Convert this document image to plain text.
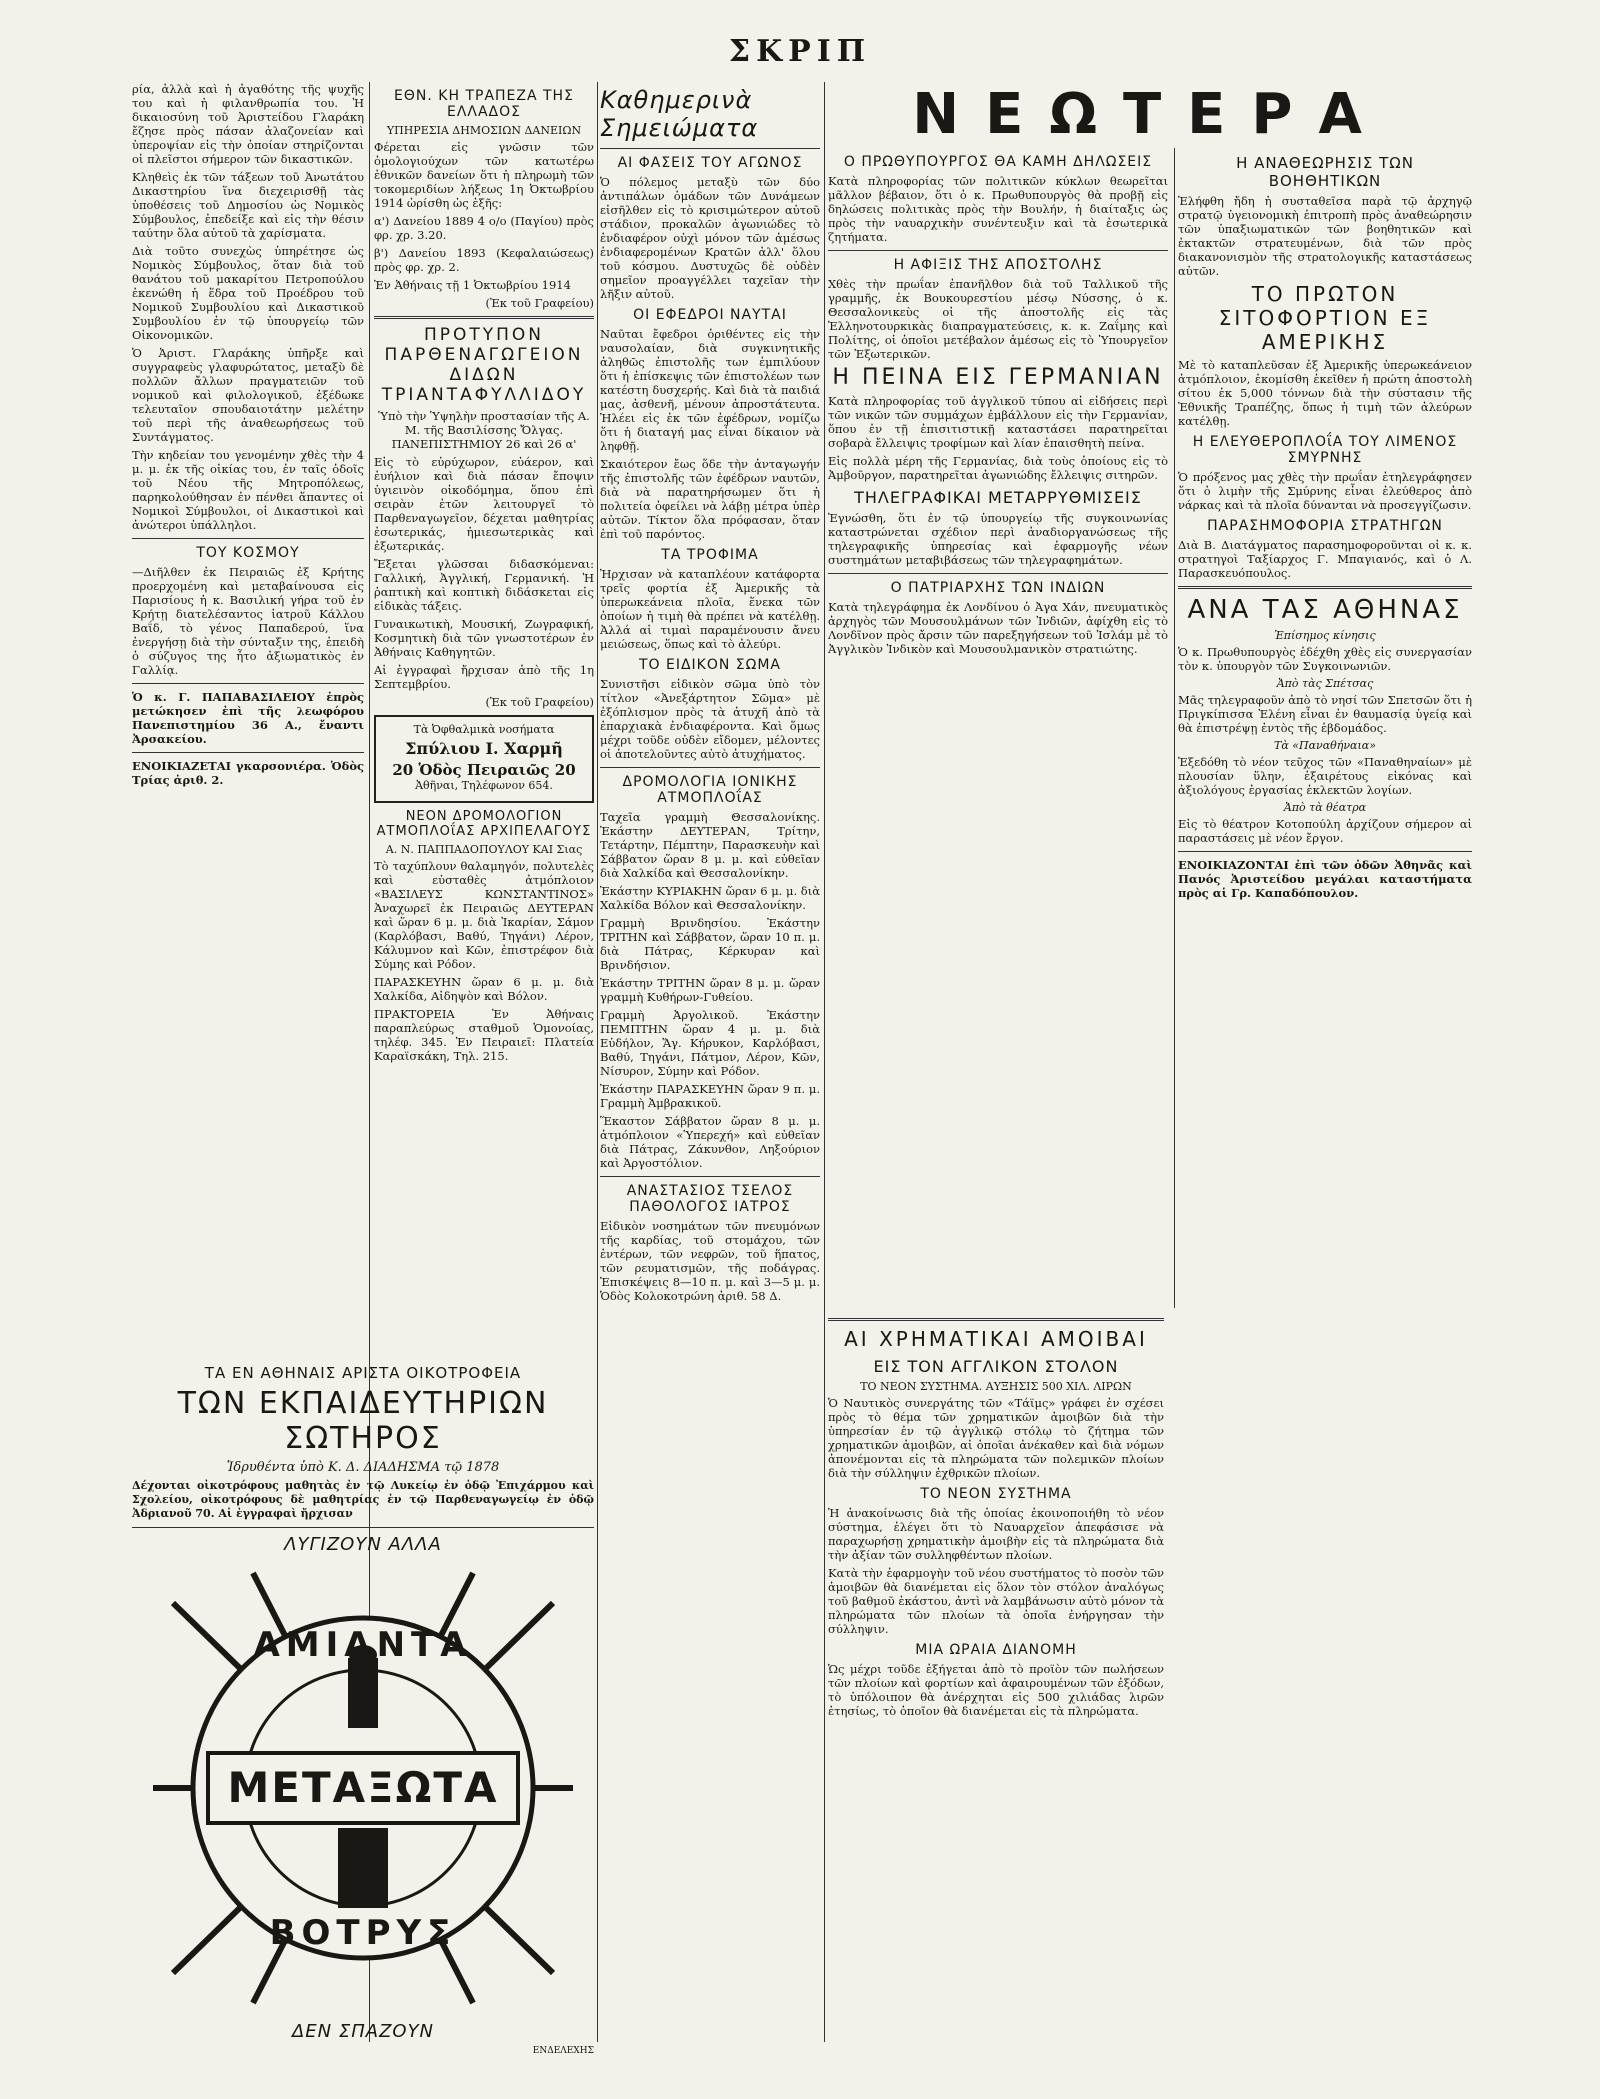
ΣΚΡΙΠ
ρία, ἀλλὰ καὶ ἡ ἀγαθότης τῆς ψυχῆς του καὶ ἡ φιλανθρωπία του. Ἡ δικαιοσύνη τοῦ Ἀριστείδου Γλαράκη ἔζησε πρὸς πάσαν ἀλαζονείαν καὶ ὑπεροψίαν εἰς τὴν ὁποίαν στηρίζονται οἱ πλεῖστοι σήμερον τῶν δικαστικῶν.
Κληθεὶς ἐκ τῶν τάξεων τοῦ Ἀνωτάτου Δικαστηρίου ἵνα διεχειρισθῇ τὰς ὑποθέσεις τοῦ Δημοσίου ὡς Νομικὸς Σύμβουλος, ἐπεδείξε καὶ εἰς τὴν θέσιν ταύτην ὅλα αὐτοῦ τὰ χαρίσματα.
Διὰ τοῦτο συνεχὼς ὑπηρέτησε ὡς Νομικὸς Σύμβουλος, ὅταν διὰ τοῦ θανάτου τοῦ μακαρίτου Πετροπούλου ἐκενώθη ἡ ἕδρα τοῦ Προέδρου τοῦ Νομικοῦ Συμβουλίου καὶ Δικαστικοῦ Συμβουλίου ἐν τῷ ὑπουργείῳ τῶν Οἰκονομικῶν.
Ὁ Ἀριστ. Γλαράκης ὑπῆρξε καὶ συγγραφεὺς γλαφυρώτατος, μεταξὺ δὲ πολλῶν ἄλλων πραγματειῶν τοῦ νομικοῦ καὶ φιλολογικοῦ, ἐξέδωκε τελευταῖον σπουδαιοτάτην μελέτην τοῦ περὶ τῆς ἀναθεωρήσεως τοῦ Συντάγματος.
Τὴν κηδείαν του γενομένην χθὲς τὴν 4 μ. μ. ἐκ τῆς οἰκίας του, ἐν ταῖς ὁδοῖς τοῦ Νέου τῆς Μητροπόλεως, παρηκολούθησαν ἐν πένθει ἅπαντες οἱ Νομικοὶ Σύμβουλοι, οἱ Δικαστικοὶ καὶ ἀνώτεροι ὑπάλληλοι.
ΤΟΥ ΚΟΣΜΟΥ
—Διῆλθεν ἐκ Πειραιῶς ἐξ Κρήτης προερχομένη καὶ μεταβαίνουσα εἰς Παρισίους ἡ κ. Βασιλική γήρα τοῦ ἐν Κρήτῃ διατελέσαντος ἰατροῦ Κάλλου Βαΐδ, τὸ γένος Παπαδερού, ἵνα ἐνεργήσῃ διὰ τὴν σύνταξιν της, ἐπειδὴ ὁ σύζυγος της ἦτο ἀξιωματικὸς ἐν Γαλλίᾳ.
Ὁ κ. Γ. ΠΑΠΑΒΑΣΙΛΕΙΟΥ ἐπρὸς μετώκησεν ἐπὶ τῆς λεωφόρου Πανεπιστημίου 36 Α., ἔναντι Ἀρσακείου.
ΕΝΟΙΚΙΑΖΕΤΑΙ γκαρσονιέρα. Ὁδὸς Τρίας ἀριθ. 2.
ΕΘΝ. ΚΗ ΤΡΑΠΕΖΑ ΤΗΣ ΕΛΛΑΔΟΣ
ΥΠΗΡΕΣΙΑ ΔΗΜΟΣΙΩΝ ΔΑΝΕΙΩΝ
Φέρεται εἰς γνῶσιν τῶν ὁμολογιούχων τῶν κατωτέρω ἐθνικῶν δανείων ὅτι ἡ πληρωμὴ τῶν τοκομεριδίων λήξεως 1η Ὀκτωβρίου 1914 ὡρίσθη ὡς ἑξῆς:
α') Δανείου 1889 4 ο/ο (Παγίου) πρὸς φρ. χρ. 3.20.
β') Δανείου 1893 (Κεφαλαιώσεως) πρὸς φρ. χρ. 2.
Ἐν Ἀθήναις τῇ 1 Ὀκτωβρίου 1914
(Ἐκ τοῦ Γραφείου)
ΠΡΟΤΥΠΟΝ ΠΑΡΘΕΝΑΓΩΓΕΙΟΝ ΔΙΔΩΝ ΤΡΙΑΝΤΑΦΥΛΛΙΔΟΥ
Ὑπὸ τὴν Ὑψηλὴν προστασίαν τῆς Α. Μ. τῆς Βασιλίσσης Ὄλγας. ΠΑΝΕΠΙΣΤΗΜΙΟΥ 26 καὶ 26 α'
Εἰς τὸ εὐρύχωρον, εὐάερον, καὶ ἐυήλιον καὶ διὰ πάσαν ἔποψιν ὑγιεινὸν οἰκοδόμημα, ὅπου ἐπὶ σειρὰν ἐτῶν λειτουργεῖ τὸ Παρθεναγωγεῖον, δέχεται μαθητρίας ἐσωτερικάς, ἡμιεσωτερικὰς καὶ ἐξωτερικάς.
Ἔξεται γλῶσσαι διδασκόμεναι: Γαλλική, Ἀγγλική, Γερμανική. Ἡ ῥαπτικὴ καὶ κοπτικὴ διδάσκεται εἰς εἰδικὰς τάξεις.
Γυναικωτικὴ, Μουσική, Ζωγραφική, Κοσμητικὴ διὰ τῶν γνωστοτέρων ἐν Ἀθήναις Καθηγητῶν.
Αἱ ἐγγραφαὶ ἤρχισαν ἀπὸ τῆς 1η Σεπτεμβρίου.
(Ἐκ τοῦ Γραφείου)
Τὰ Ὀφθαλμικὰ νοσήματα
Σπύλιου Ι. Χαρμῆ
20 Ὁδὸς Πειραιῶς 20
Ἀθῆναι, Τηλέφωνον 654.
ΝΕΟΝ ΔΡΟΜΟΛΟΓΙΟΝ ΑΤΜΟΠΛΟΐΑΣ ΑΡΧΙΠΕΛΑΓΟΥΣ
Α. Ν. ΠΑΠΠΑΔΟΠΟΥΛΟΥ ΚΑΙ Σιας
Τὸ ταχύπλουν θαλαμηγόν, πολυτελὲς καὶ εὐσταθὲς ἀτμόπλοιον «ΒΑΣΙΛΕΥΣ ΚΩΝΣΤΑΝΤΙΝΟΣ» Ἀναχωρεῖ ἐκ Πειραιῶς ΔΕΥΤΕΡΑΝ καὶ ὥραν 6 μ. μ. διὰ Ἰκαρίαν, Σάμον (Καρλόβασι, Βαθύ, Τηγάνι) Λέρον, Κάλυμνον καὶ Κῶν, ἐπιστρέφον διὰ Σύμης καὶ Ρόδον.
ΠΑΡΑΣΚΕΥΗΝ ὥραν 6 μ. μ. διὰ Χαλκίδα, Αἰδηψὸν καὶ Βόλον.
ΠΡΑΚΤΟΡΕΙΑ Ἐν Ἀθήναις παραπλεύρως σταθμοῦ Ὁμονοίας, τηλέφ. 345. Ἐν Πειραιεῖ: Πλατεία Καραϊσκάκη, Τηλ. 215.
Καθημερινὰ Σημειώματα
ΑΙ ΦΑΣΕΙΣ ΤΟΥ ΑΓΩΝΟΣ
Ὁ πόλεμος μεταξὺ τῶν δύο ἀντιπάλων ὁμάδων τῶν Δυνάμεων εἰσῆλθεν εἰς τὸ κρισιμώτερον αὐτοῦ στάδιον, προκαλῶν ἀγωνιώδες τὸ ἐνδιαφέρον οὐχὶ μόνον τῶν ἀμέσως ἐνδιαφερομένων Κρατῶν ἀλλ' ὅλου τοῦ κόσμου. Δυστυχῶς δὲ οὐδὲν σημεῖον προαγγέλλει ταχεῖαν τὴν λῆξιν αὐτοῦ.
ΟΙ ΕΦΕΔΡΟΙ ΝΑΥΤΑΙ
Ναῦται ἔφεδροι ὁριθέντες εἰς τὴν ναυσολαίαν, διὰ συγκινητικῆς ἀληθῶς ἐπιστολῆς των ἐμπιλύουν ὅτι ἡ ἐπίσκεψις τῶν ἐπιστολέων των κατέστη δυσχερής. Καὶ διὰ τὰ παιδιά μας, ἀσθενῆ, μένουν ἀπροστάτευτα. Ἠλέει εἰς ἐκ τῶν ἐφέδρων, νομίζω ὅτι ἡ διαταγή μας εἶναι δίκαιον νὰ ληφθῇ.
Σκαιότερον ἔως ὅδε τὴν ἀνταγωγήν τῆς ἐπιστολῆς τῶν ἐφέδρων ναυτῶν, διὰ νὰ παρατηρήσωμεν ὅτι ἡ πολιτεία ὀφείλει νὰ λάβῃ μέτρα ὑπὲρ αὐτῶν. Τίκτον ὅλα πρόφασαν, ὅταν ἐπὶ τοῦ παρόντος.
ΤΑ ΤΡΟΦΙΜΑ
Ἠρχισαν νὰ καταπλέουν κατάφορτα τρεῖς φορτία ἐξ Ἀμερικῆς τὰ ὑπερωκεάνεια πλοῖα, ἕνεκα τῶν ὁποίων ἡ τιμὴ θὰ πρέπει νὰ κατέλθῃ. Ἀλλά αἱ τιμαὶ παραμένουσιν ἄνευ μειώσεως, ὅπως καὶ τὸ ἀλεύρι.
ΤΟ ΕΙΔΙΚΟΝ ΣΩΜΑ
Συνιστῆσι εἰδικὸν σῶμα ὑπὸ τὸν τίτλον «Ἀνεξάρτητον Σῶμα» μὲ ἐξόπλισμον πρὸς τὰ ἀτυχῆ ἀπὸ τὰ ἐπαρχιακὰ ἐνδιαφέροντα. Καὶ ὅμως μέχρι τοῦδε οὐδὲν εἴδομεν, μέλοντες οἱ ἀποτελοῦντες αὐτὸ ἀτυχήματος.
ΔΡΟΜΟΛΟΓΙΑ ΙΟΝΙΚΗΣ ΑΤΜΟΠΛΟΐΑΣ
Ταχεῖα γραμμὴ Θεσσαλονίκης. Ἐκάστην ΔΕΥΤΕΡΑΝ, Τρίτην, Τετάρτην, Πέμπτην, Παρασκευὴν καὶ Σάββατον ὥραν 8 μ. μ. καὶ εὐθεῖαν διὰ Χαλκίδα καὶ Θεσσαλονίκην.
Ἐκάστην ΚΥΡΙΑΚΗΝ ὥραν 6 μ. μ. διὰ Χαλκίδα Βόλον καὶ Θεσσαλονίκην.
Γραμμὴ Βρινδησίου. Ἐκάστην ΤΡΙΤΗΝ καὶ Σάββατον, ὥραν 10 π. μ. διὰ Πάτρας, Κέρκυραν καὶ Βρινδήσιον.
Ἐκάστην ΤΡΙΤΗΝ ὥραν 8 μ. μ. ὥραν γραμμὴ Κυθήρων-Γυθείου.
Γραμμὴ Ἀργολικοῦ. Ἐκάστην ΠΕΜΠΤΗΝ ὥραν 4 μ. μ. διὰ Εὐδήλον, Ἅγ. Κήρυκον, Καρλόβασι, Βαθύ, Τηγάνι, Πάτμον, Λέρον, Κῶν, Νίσυρον, Σύμην καὶ Ρόδον.
Ἐκάστην ΠΑΡΑΣΚΕΥΗΝ ὥραν 9 π. μ. Γραμμὴ Ἀμβρακικοῦ.
Ἕκαστον Σάββατον ὥραν 8 μ. μ. ἀτμόπλοιον «Ὑπερεχή» καὶ εὐθεῖαν διὰ Πάτρας, Ζάκυνθον, Ληξούριον καὶ Ἀργοστόλιον.
ΑΝΑΣΤΑΣΙΟΣ ΤΣΕΛΟΣ ΠΑΘΟΛΟΓΟΣ ΙΑΤΡΟΣ
Εἰδικὸν νοσημάτων τῶν πνευμόνων τῆς καρδίας, τοῦ στομάχου, τῶν ἐντέρων, τῶν νεφρῶν, τοῦ ἥπατος, τῶν ρευματισμῶν, τῆς ποδάγρας. Ἐπισκέψεις 8—10 π. μ. καὶ 3—5 μ. μ. Ὁδὸς Κολοκοτρώνη ἀριθ. 58 Δ.
ΝΕΩΤΕΡΑ
Ο ΠΡΩΘΥΠΟΥΡΓΟΣ ΘΑ ΚΑΜΗ ΔΗΛΩΣΕΙΣ
Κατὰ πληροφορίας τῶν πολιτικῶν κύκλων θεωρεῖται μᾶλλον βέβαιον, ὅτι ὁ κ. Πρωθυπουργὸς θὰ προβῇ εἰς δηλώσεις πολιτικὰς πρὸς τὴν Βουλήν, ἡ διαίταξις ὡς πρὸς τὴν ναυαρχικὴν συνέντευξιν καὶ τὰ ἐσωτερικὰ ζητήματα.
Η ΑΦΙΞΙΣ ΤΗΣ ΑΠΟΣΤΟΛΗΣ
Χθὲς τὴν πρωΐαν ἐπανῆλθον διὰ τοῦ Ταλλικοῦ τῆς γραμμῆς, ἐκ Βουκουρεστίου μέσῳ Νύσσης, ὁ κ. Θεσσαλονικεὺς οἱ τῆς ἀποστολῆς εἰς τὰς Ἑλληνοτουρκικὰς διαπραγματεύσεις, κ. κ. Ζαΐμης καὶ Πολίτης, οἱ ὁποῖοι μετέβαλον ἀμέσως εἰς τὸ Ὑπουργεῖον τῶν Ἐξωτερικῶν.
Η ΠΕΙΝΑ ΕΙΣ ΓΕΡΜΑΝΙΑΝ
Κατὰ πληροφορίας τοῦ ἀγγλικοῦ τύπου αἱ εἰδήσεις περὶ τῶν νικῶν τῶν συμμάχων ἐμβάλλουν εἰς τὴν Γερμανίαν, ὅπου ἐν τῇ ἐπισιτιστικῇ καταστάσει παρατηρεῖται σοβαρὰ ἔλλειψις τροφίμων καὶ λίαν ἐπαισθητὴ πείνα.
Εἰς πολλὰ μέρη τῆς Γερμανίας, διὰ τοὺς ὁποίους εἰς τὸ Ἀμβοῦργον, παρατηρεῖται ἀγωνιώδης ἔλλειψις σιτηρῶν.
ΤΗΛΕΓΡΑΦΙΚΑΙ ΜΕΤΑΡΡΥΘΜΙΣΕΙΣ
Ἐγνώσθη, ὅτι ἐν τῷ ὑπουργείῳ τῆς συγκοινωνίας καταστρώνεται σχέδιον περὶ ἀναδιοργανώσεως τῆς τηλεγραφικῆς ὑπηρεσίας καὶ ἐφαρμογῆς νέων συστημάτων μεταβιβάσεως τῶν τηλεγραφημάτων.
Ο ΠΑΤΡΙΑΡΧΗΣ ΤΩΝ ΙΝΔΙΩΝ
Κατὰ τηλεγράφημα ἐκ Λονδίνου ὁ Ἀγα Χάν, πνευματικὸς ἀρχηγὸς τῶν Μουσουλμάνων τῶν Ἰνδιῶν, ἀφίχθη εἰς τὸ Λονδῖνον πρὸς ἄρσιν τῶν παρεξηγήσεων τοῦ Ἰσλάμ μὲ τὸ Ἀγγλικὸν Ἰνδικὸν καὶ Μουσουλμανικὸν στρατιώτης.
Η ΑΝΑΘΕΩΡΗΣΙΣ ΤΩΝ ΒΟΗΘΗΤΙΚΩΝ
Ἐλήφθη ἤδη ἡ συσταθεῖσα παρὰ τῷ ἀρχηγῷ στρατῷ ὑγειονομικὴ ἐπιτροπὴ πρὸς ἀναθεώρησιν τῶν ὑπαξιωματικῶν τῶν βοηθητικῶν καὶ ἐκτακτῶν στρατευμένων, διὰ τῶν πρὸς διακανονισμὸν τῆς στρατολογικῆς καταστάσεως αὐτῶν.
ΤΟ ΠΡΩΤΟΝ ΣΙΤΟΦΟΡΤΙΟΝ ΕΞ ΑΜΕΡΙΚΗΣ
Μὲ τὸ καταπλεῦσαν ἐξ Ἀμερικῆς ὑπερωκεάνειον ἀτμόπλοιον, ἐκομίσθη ἐκεῖθεν ἡ πρώτη ἀποστολὴ σίτου ἐκ 5,000 τόννων διὰ τὴν σύστασιν τῆς Ἐθνικῆς Τραπέζης, ὅπως ἡ τιμὴ τῶν ἀλεύρων κατέλθῃ.
Η ΕΛΕΥΘΕΡΟΠΛΟΐΑ ΤΟΥ ΛΙΜΕΝΟΣ ΣΜΥΡΝΗΣ
Ὁ πρόξενος μας χθὲς τὴν πρωΐαν ἐτηλεγράφησεν ὅτι ὁ λιμὴν τῆς Σμύρνης εἶναι ἐλεύθερος ἀπὸ νάρκας καὶ τὰ πλοῖα δύνανται νὰ προσεγγίζωσιν.
ΠΑΡΑΣΗΜΟΦΟΡΙΑ ΣΤΡΑΤΗΓΩΝ
Διὰ Β. Διατάγματος παρασημοφοροῦνται οἱ κ. κ. στρατηγοὶ Ταξίαρχος Γ. Μπαγιανός, καὶ ὁ Λ. Παρασκευόπουλος.
ΑΝΑ ΤΑΣ ΑΘΗΝΑΣ
Ἐπίσημος κίνησις
Ὁ κ. Πρωθυπουργὸς ἐδέχθη χθὲς εἰς συνεργασίαν τὸν κ. ὑπουργὸν τῶν Συγκοινωνιῶν.
Ἀπὸ τὰς Σπέτσας
Μᾶς τηλεγραφοῦν ἀπὸ τὸ νησί τῶν Σπετσῶν ὅτι ἡ Πριγκίπισσα Ἑλένη εἶναι ἐν θαυμασίᾳ ὑγείᾳ καὶ θὰ ἐπιστρέψῃ ἐντὸς τῆς ἑβδομάδος.
Τὰ «Παναθήναια»
Ἐξεδόθη τὸ νέον τεῦχος τῶν «Παναθηναίων» μὲ πλουσίαν ὕλην, ἐξαιρέτους εἰκόνας καὶ ἀξιολόγους ἐργασίας ἐκλεκτῶν λογίων.
Ἀπὸ τὰ θέατρα
Εἰς τὸ θέατρον Κοτοπούλη ἀρχίζουν σήμερον αἱ παραστάσεις μὲ νέον ἔργον.
ΕΝΟΙΚΙΑΖΟΝΤΑΙ ἐπὶ τῶν ὁδῶν Ἀθηνᾶς καὶ Πανός Ἀριστείδου μεγάλαι καταστήματα πρὸς αἱ Γρ. Καπαδόπουλον.
ΑΙ ΧΡΗΜΑΤΙΚΑΙ ΑΜΟΙΒΑΙ
ΕΙΣ ΤΟΝ ΑΓΓΛΙΚΟΝ ΣΤΟΛΟΝ
ΤΟ ΝΕΟΝ ΣΥΣΤΗΜΑ. ΑΥΞΗΣΙΣ 500 ΧΙΛ. ΛΙΡΩΝ
Ὁ Ναυτικὸς συνεργάτης τῶν «Τάϊμς» γράφει ἐν σχέσει πρὸς τὸ θέμα τῶν χρηματικῶν ἀμοιβῶν διὰ τὴν ὑπηρεσίαν ἐν τῷ ἀγγλικῷ στόλῳ τὸ ζήτημα τῶν χρηματικῶν ἀμοιβῶν, αἱ ὁποῖαι ἀνέκαθεν καὶ διὰ νόμων ἀπονέμονται εἰς τὰ πληρώματα τῶν πολεμικῶν πλοίων διὰ τὴν σύλληψιν ἐχθρικῶν πλοίων.
ΤΟ ΝΕΟΝ ΣΥΣΤΗΜΑ
Ἡ ἀνακοίνωσις διὰ τῆς ὁποίας ἐκοινοποιήθη τὸ νέον σύστημα, ἐλέγει ὅτι τὸ Ναυαρχεῖον ἀπεφάσισε νὰ παραχωρήσῃ χρηματικὴν ἀμοιβὴν εἰς τὰ πληρώματα διὰ τὴν ἀξίαν τῶν συλληφθέντων πλοίων.
Κατὰ τὴν ἐφαρμογὴν τοῦ νέου συστήματος τὸ ποσὸν τῶν ἀμοιβῶν θὰ διανέμεται εἰς ὅλον τὸν στόλον ἀναλόγως τοῦ βαθμοῦ ἑκάστου, ἀντὶ νὰ λαμβάνωσιν αὐτὸ μόνον τὰ πληρώματα τῶν πλοίων τὰ ὁποῖα ἐνήργησαν τὴν σύλληψιν.
ΜΙΑ ΩΡΑΙΑ ΔΙΑΝΟΜΗ
Ὡς μέχρι τοῦδε ἐξήγεται ἀπὸ τὸ προϊὸν τῶν πωλήσεων τῶν πλοίων καὶ φορτίων καὶ ἀφαιρουμένων τῶν ἐξόδων, τὸ ὑπόλοιπον θὰ ἀνέρχηται εἰς 500 χιλιάδας λιρῶν ἐτησίως, τὸ ὁποῖον θὰ διανέμεται εἰς τὰ πληρώματα.
ΤΑ ΕΝ ΑΘΗΝΑΙΣ ΑΡΙΣΤΑ ΟΙΚΟΤΡΟΦΕΙΑ
ΤΩΝ ΕΚΠΑΙΔΕΥΤΗΡΙΩΝ ΣΩΤΗΡΟΣ
Ἱδρυθέντα ὑπὸ Κ. Δ. ΔΙΑΔΗΣΜΑ τῷ 1878
Δέχονται οἰκοτρόφους μαθητὰς ἐν τῷ Λυκείῳ ἐν ὁδῷ Ἐπιχάρμου καὶ Σχολείου, οἰκοτρόφους δὲ μαθητρίας ἐν τῷ Παρθεναγωγείῳ ἐν ὁδῷ Ἀδριανοῦ 70. Αἱ ἐγγραφαὶ ἤρχισαν
ΛΥΓΙΖΟΥΝ ΑΛΛΑ
ΑΜΙΑΝΤΑ
ΜΕΤΑΞΩΤΑ
ΒΟΤΡΥΣ
ΔΕΝ ΣΠΑΖΟΥΝ
ΕΝΔΕΛΕΧΗΣ
